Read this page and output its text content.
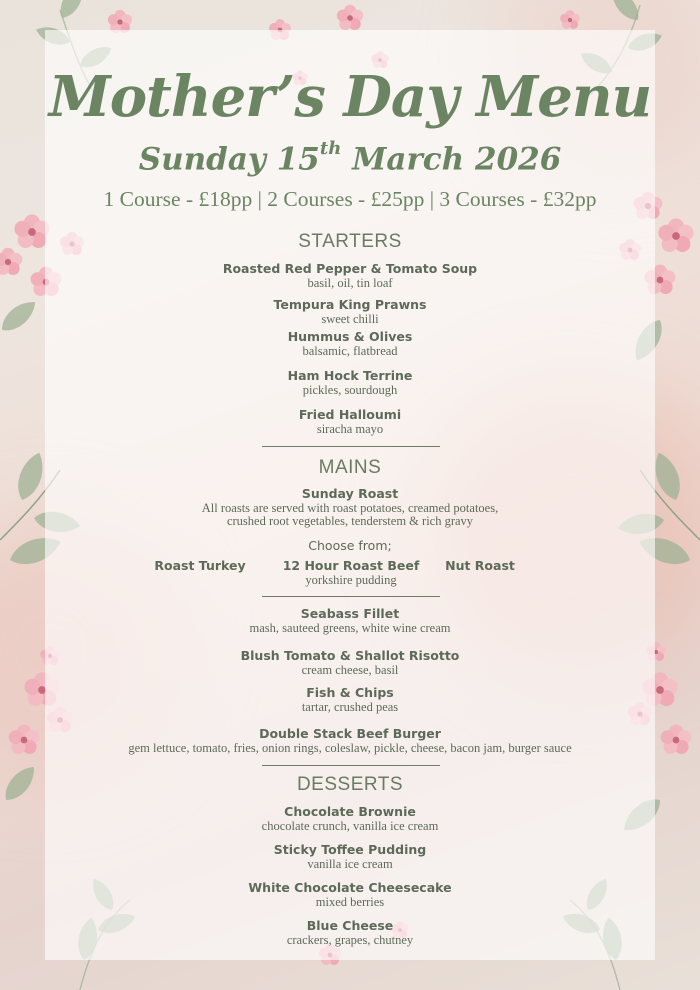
Mother’s Day Menu
Sunday 15th March 2026
1 Course - £18pp | 2 Courses - £25pp | 3 Courses - £32pp
STARTERS
Roasted Red Pepper & Tomato Soup
basil, oil, tin loaf
Tempura King Prawns
sweet chilli
Hummus & Olives
balsamic, flatbread
Ham Hock Terrine
pickles, sourdough
Fried Halloumi
siracha mayo
MAINS
Sunday Roast
All roasts are served with roast potatoes, creamed potatoes,
crushed root vegetables, tenderstem & rich gravy
Choose from;
Roast Turkey	12 Hour Roast Beef
yorkshire pudding
Nut Roast
Seabass Fillet
mash, sauteed greens, white wine cream
Blush Tomato & Shallot Risotto
cream cheese, basil
Fish & Chips
tartar, crushed peas
Double Stack Beef Burger
gem lettuce, tomato, fries, onion rings, coleslaw, pickle, cheese, bacon jam, burger sauce
DESSERTS
Chocolate Brownie
chocolate crunch, vanilla ice cream
Sticky Toffee Pudding
vanilla ice cream
White Chocolate Cheesecake
mixed berries
Blue Cheese
crackers, grapes, chutney
